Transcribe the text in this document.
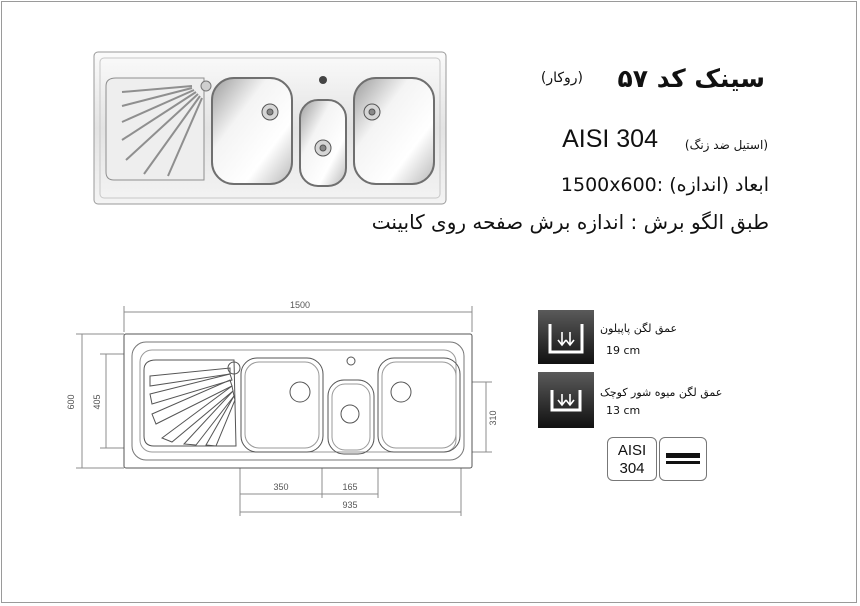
سینک کد ۵۷
(روکار)
AISI 304 (استیل ضد زنگ)
1500x600: ابعاد (اندازه)
طبق الگو برش : اندازه برش صفحه روی کابینت
1500
600 405
310
350	165
935
عمق لگن پاپیلون
19 cm
عمق لگن میوه شور کوچک
13 cm
AISI
304
